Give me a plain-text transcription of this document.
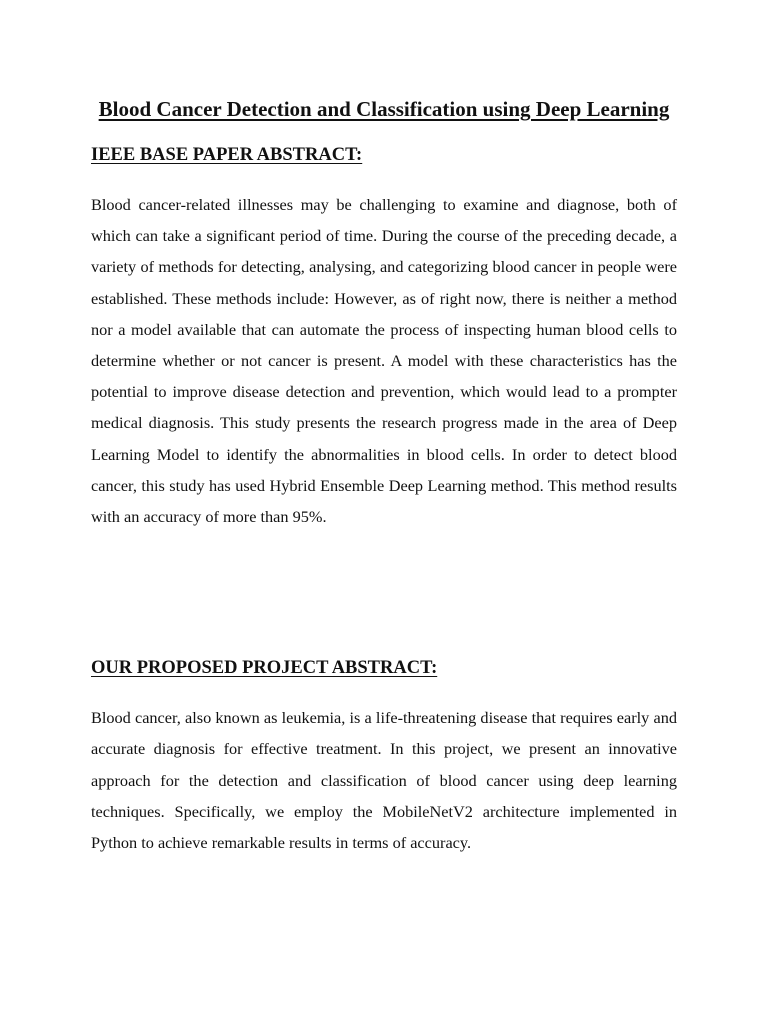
Blood Cancer Detection and Classification using Deep Learning
IEEE BASE PAPER ABSTRACT:

Blood cancer-related illnesses may be challenging to examine and diagnose, both of which can take a significant period of time. During the course of the preceding decade, a variety of methods for detecting, analysing, and categorizing blood cancer in people were established. These methods include: However, as of right now, there is neither a method nor a model available that can automate the process of inspecting human blood cells to determine whether or not cancer is present. A model with these characteristics has the potential to improve disease detection and prevention, which would lead to a prompter medical diagnosis. This study presents the research progress made in the area of Deep Learning Model to identify the abnormalities in blood cells. In order to detect blood cancer, this study has used Hybrid Ensemble Deep Learning method. This method results with an accuracy of more than 95%.

OUR PROPOSED PROJECT ABSTRACT:

Blood cancer, also known as leukemia, is a life-threatening disease that requires early and accurate diagnosis for effective treatment. In this project, we present an innovative approach for the detection and classification of blood cancer using deep learning techniques. Specifically, we employ the MobileNetV2 architecture implemented in Python to achieve remarkable results in terms of accuracy.
